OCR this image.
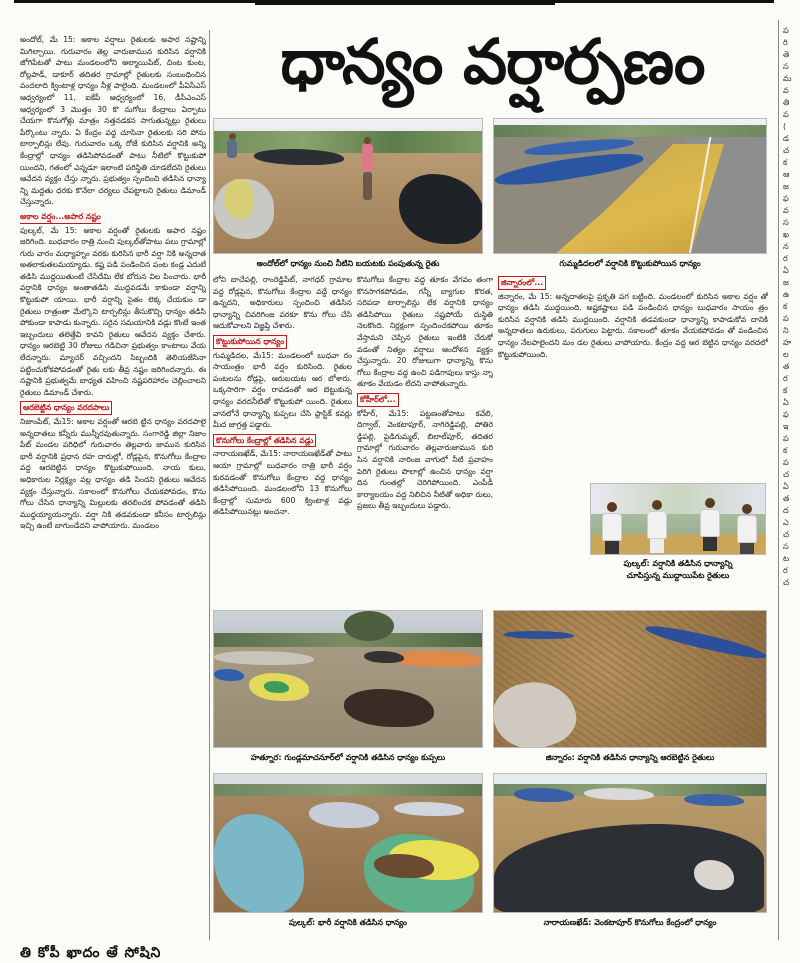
ధాన్యం వర్షార్పణం

అందోల్, మే 15: అకాల వర్షాలు రైతులకు అపార నష్టాన్ని మిగిల్చాయి. గురువారం తెల్ల వారుజామున కురిసిన వర్షానికి జోగిపేటతో పాటు మండలంలోని అల్మాయిపేట్, చింట కుంట, రోల్లపాడ్, డాకూర్ తదితర గ్రామాల్లో రైతులకు సంబంధించిన వందలాది క్వింటాళ్ల ధాన్యం నీళ్ల పాలైంది. మండలంలో పీఏసీఎస్ ఆధ్వర్యంలో 11, ఐకేపీ ఆధ్వర్యంలో 16, డీసీఎంఎస్ ఆధ్వర్యంలో 3 మొత్తం 30 కొ నుగోలు కేంద్రాలు ఏర్పాటు చేయగా కొనుగోళ్లు మాత్రం నత్తనడకన సాగుతున్నట్లు రైతులు పేర్కొంటు న్నారు. ఏ కేంద్రం వద్ద చూసినా రైతులకు సరి పోను టార్పాలిన్లు లేవు. గురువారం ఒక్క రోజే కురిసిన వర్షానికి అన్ని కేంద్రాల్లో ధాన్యం తడిసిపోవడంతో పాటు నీటిలో కొట్టుకుపో యిందని, గతంలో ఎన్నడూ ఇలాంటి పరిస్థితి చూడలేదని రైతులు ఆవేదన వ్యక్తం చేస్తు న్నారు. ప్రభుత్వం స్పందించి తడిసిన ధాన్యా న్ని మద్దతు ధరకు కొనేలా చర్యలు చేపట్టాలని రైతులు డిమాండ్ చేస్తున్నారు.

అకాల వర్షం...అపార నష్టం

పుల్కల్, మే 15: అకాల వర్షంతో రైతులకు అపార నష్టం జరిగింది. బుధవారం రాత్రి నుంచి పుల్కల్‌తోపాటు పలు గ్రామాల్లో గురు వారం మధ్యాహ్నం వరకు కురిసిన భారీ వర్షా నికి అన్నదాత అతలాకుతలమయ్యాడు. కష్ట పడి పండించిన పంట కండ్ల ఎదుటే తడిసి ముద్దయితుంటే చేసేదేమి లేక బోరున విల పించారు. భారీ వర్షానికి ధాన్యం అంతాతడిసి ముద్దవడమే కాకుండా వర్షాన్ని కొట్టుకుపో యాయి. భారీ వర్షాన్ని సైతం లెక్క చేయకుం డా రైతులు రాత్రంతా మేల్కొని టార్పలిన్లు తీసుకొచ్చి ధాన్యం తడిసి పోకుండా కాపాడు కున్నారు. సరైన సమయానికి వడ్లు కొంటే ఇంత ఇబ్బందులు తలెత్తేవి కావని రైతులు ఆవేదన వ్యక్తం చేశారు. ధాన్యం ఆరబెట్టి 30 రోజులు గడిచినా ప్రభుత్వం కాంటాలు వేయ లేదన్నారు. మ్యాచర్ వచ్చిందని సిబ్బందికి తెలియజేసినా పట్టించుకోకపోవడంతో రైతు లకు తీవ్ర నష్టం జరిగిందన్నారు. ఈ నష్టానికి ప్రభుత్వమే బాధ్యత వహించి నష్టపరిహారం చెల్లించాలని రైతులు డిమాండ్ చేశారు.

ఆరబెట్టిన ధాన్యం వరదపాలు

నిజాంపేట్, మే15: అకాల వర్షంతో ఆరబె ట్టిన ధాన్యం వరదపాలై అన్నదాతలు కన్నీరు మున్నీరవుతున్నారు. సంగారెడ్డి జిల్లా నిజాం పేట్ మండల పరిధిలో గురువారం తెల్లవారు జామున కురిసిన భారీ వర్షానికి ప్రధాన రహ దారుల్లో, రోడ్లపైన, కొనుగోలు కేంద్రాల వద్ద ఆరబెట్టిన ధాన్యం కొట్టుకుపోయింది. నాయ కులు, అధికారుల నిర్లక్ష్యం వల్ల ధాన్యం తడి సిందని రైతులు ఆవేదన వ్యక్తం చేస్తున్నారు. సకాలంలో కొనుగోలు చేయకపోవడం, కొను గోలు చేసిన ధాన్యాన్ని మిల్లులకు తరలించక పోవడంతో తడిసి ముద్దయ్యాయన్నారు. వర్షా నికి తడవకుండా కనీసం టార్పలిన్లు ఇచ్చి ఉంటే బాగుండేదని వాపోయారు. మండలం

అందోల్‌లో ధాన్యం నుంచి నీటిని బయటకు పంపుతున్న రైతు	గుమ్మడిదలలో వర్షానికి కొట్టుకుపోయిన ధాన్యం

లోని బాచేపల్లి, రాంరెడ్డిపేట్, నాగధర్ గ్రామాల వద్ద రోడ్లపైన, కొనుగోలు కేంద్రాల వద్దే ధాన్యం ఉన్నదని, అధికారులు స్పందించి తడిసిన ధాన్యాన్ని చివరిగింజ వరకూ కొను గోలు చేసి ఆదుకోవాలని విజ్ఞప్తి చేశారు.

కొట్టుకుపోయిన ధాన్యం

గుమ్మడిదల, మే15: మండలంలో బుధవా రం సాయంత్రం భారీ వర్షం కురిసింది. రైతుల పంటలను రోడ్లపై, ఆరుబయట ఆర బోశారు. ఒక్కసారిగా వర్షం రావడంతో ఆర బెట్టుకున్న ధాన్యం వరదనీటితో కొట్టుకుపో యింది. రైతులు వానలోనే ధాన్యాన్ని కుప్పలు చేసి ప్లాస్టిక్ కవర్లు మీద జాగ్రత్త పడ్డారు.

కొనుగోలు కేంద్రాల్లో తడిసిన వడ్లు

నారాయణఖేడ్, మే15: నారాయణఖేడ్‌తో పాటు ఆయా గ్రామాల్లో బుధవారం రాత్రి భారీ వర్షం కురవడంతో కొనుగోలు కేంద్రాల వద్ద ధాన్యం తడిసిపోయింది. మండలంలోని 13 కొనుగోలు కేంద్రాల్లో సుమారు 600 క్వింటాళ్ల వడ్లు తడిసిపోయినట్లు అంచనా.

కొనుగోలు కేంద్రాల వద్ద తూకం వేగవం తంగా కొనసాగకపోవడం, గన్నీ బ్యాగుల కొరత, సరిపడా టార్పాలిన్లు లేక వర్షానికి ధాన్యం తడిసిపోయి రైతులు నష్టపోయే దుస్థితి నెలకొంది. నిర్లక్షంగా స్పందించకపోయి తూకం వేస్తామని చెప్పిన రైతులు ఇంటికి చేరుకో వడంతో నిత్యం వర్షాలు ఆందోళన వ్యక్తం చేస్తున్నారు. 20 రోజులుగా ధాన్యాన్ని కొను గోలు కేంద్రాల వద్ద ఉంచి పడిగాపులు కాస్తు న్నా తూకం వేయడం లేదని వాపోతున్నారు.

కోహీర్‌లో...

కోహీర్, మే15: పట్టణంతోపాటు కవేలి, దిగ్వాల్, వెంకటాపూర్, నాగిరెడ్డిపల్లి, పోతిరె డ్డిపల్లి, పైడిగుమ్మల్, బిలాల్‌పూర్, తదితర గ్రామాల్లో గురువారం తెల్లవారుజామున కురి సిన వర్షానికి నారింజ వాగులో నీటి ప్రవాహం పెరిగి రైతులు పొలాల్లో ఉంచిన ధాన్యం వర్షా దిన గుంతల్లో చెరిగిపోయింది. ఎంపీడీ కార్యాలయం వద్ద నిలిచిన నీటితో అధికా రులు, ప్రజలు తీవ్ర ఇబ్బందులు పడ్డారు.

జిన్నారంలో...

జిన్నారం, మే 15: అన్నదాతలపై ప్రకృతి పగ బట్టింది. మండలంలో కురిసిన అకాల వర్షం తో ధాన్యం తడిసి ముద్దయింది. అష్టకష్టాలు పడి పండించిన ధాన్యం బుధవారం సాయం త్రం కురిసిన వర్షానికి తడిసి ముద్దయింది. వర్షానికి తడవకుండా ధాన్యాన్ని కాపాడుకోవ దానికి అన్నదాతలు ఉరుకులు, పరుగులు పెట్టారు. సకాలంలో తూకం వేయకపోవడం తో పండించిన ధాన్యం నేలపాలైందని మం డల రైతులు వాపోయారు. కేంద్రం వద్ద ఆర బెట్టిన ధాన్యం వరదలో కొట్టుకుపోయింది.

పుల్కల్: వర్షానికి తడిసిన ధాన్యాన్ని
చూపిస్తున్న ముద్దాయిపేట రైతులు
హత్నూర: గుండ్లమాచనూర్‌లో వర్షానికి తడిసిన ధాన్యం కుప్పలు	జిన్నారం: వర్షానికి తడిసిన ధాన్యాన్ని ఆరబెట్టిన రైతులు
పుల్కల్: భారీ వర్షానికి తడిసిన ధాన్యం	నారాయణఖేడ్: వెంకటాపూర్ కొనుగోలు కేంద్రంలో ధాన్యం
ప
రి
తె
స
మ
వ
తి
ప
(
డ
చ
క
ఆ
జ
ఫ
వ
స
ఖ
న
ర
ఏ
జ
ఉ
క
ప
ని
హ
ల
త
ర
క
ఏ
ఫ
ఇ
ప
క
ప
చ
ఏ
త
ద
ఎ
చ
స
ట
ర
చ
తి కోపీ ఖాదం అే సోషిని
